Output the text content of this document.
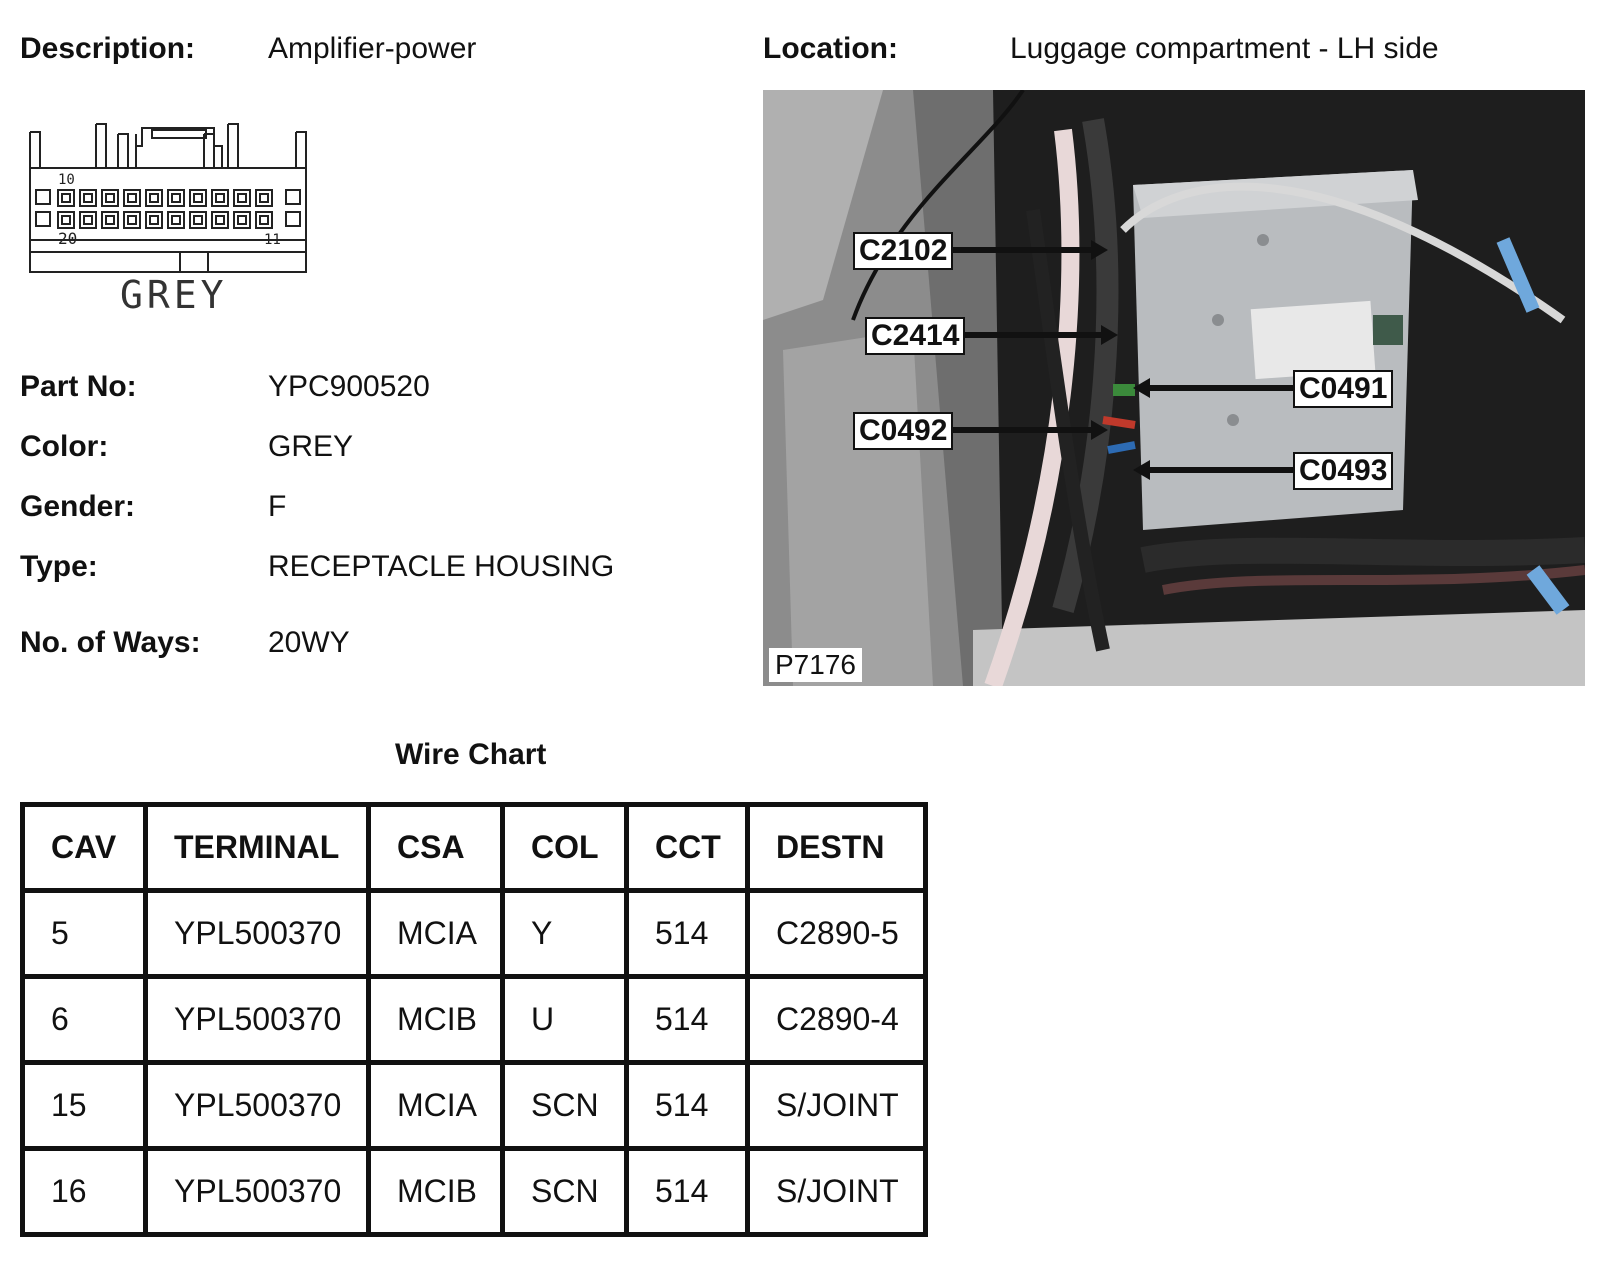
Description: Amplifier-power	Location:	Luggage compartment - LH side
10
20	11
GREY
Part No:	YPC900520
Color:	GREY
Gender:	F
Type:	RECEPTACLE HOUSING
No. of Ways: 20WY
C2102
C2414
C0491
C0492
C0493
P7176
Wire Chart
CAV	TERMINAL	CSA	COL	CCT	DESTN
5	YPL500370	MCIA	Y	514	C2890-5
6	YPL500370	MCIB	U	514	C2890-4
15	YPL500370	MCIA	SCN	514	S/JOINT
16	YPL500370	MCIB	SCN	514	S/JOINT
